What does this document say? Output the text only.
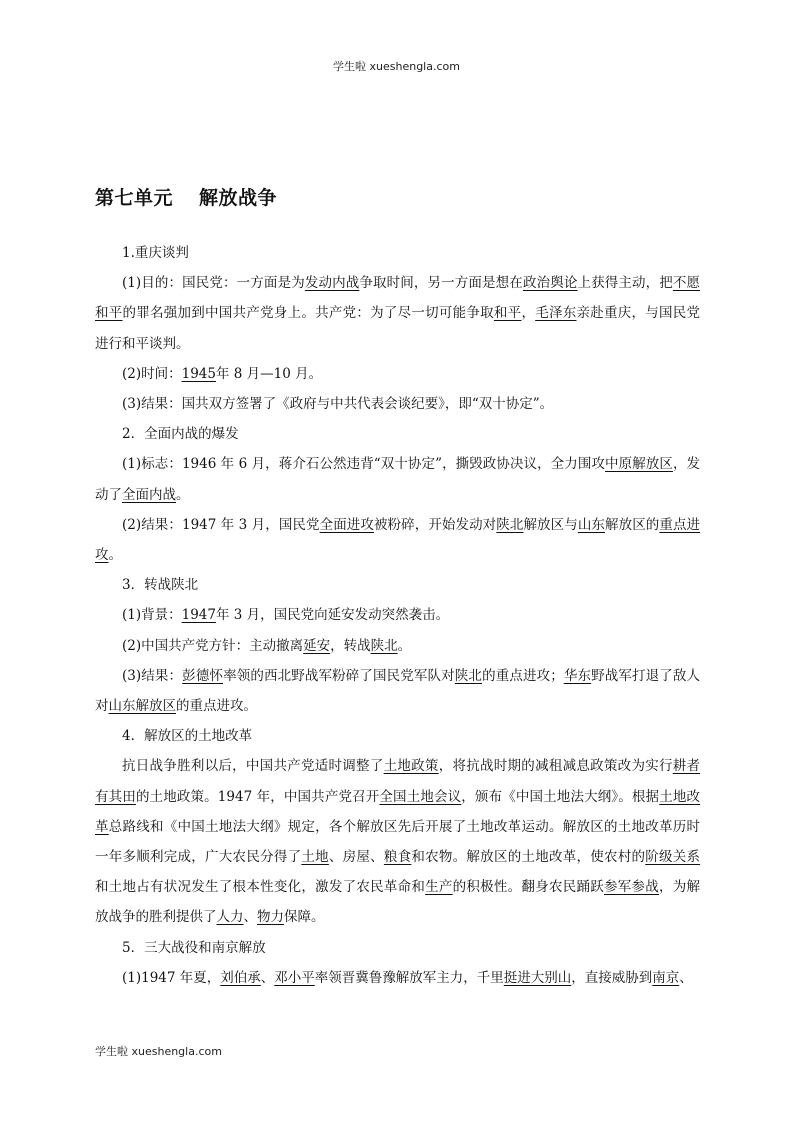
学生啦 xueshengla.com
第七单元 解放战争

1.重庆谈判

(1)目的：国民党：一方面是为发动内战争取时间，另一方面是想在政治舆论上获得主动，把不愿和平的罪名强加到中国共产党身上。共产党：为了尽一切可能争取和平，毛泽东亲赴重庆，与国民党进行和平谈判。

(2)时间：1945年 8 月—10 月。

(3)结果：国共双方签署了《政府与中共代表会谈纪要》，即“双十协定”。

2．全面内战的爆发

(1)标志：1946 年 6 月，蒋介石公然违背“双十协定”，撕毁政协决议，全力围攻中原解放区，发动了全面内战。

(2)结果：1947 年 3 月，国民党全面进攻被粉碎，开始发动对陕北解放区与山东解放区的重点进攻。

3．转战陕北

(1)背景：1947年 3 月，国民党向延安发动突然袭击。

(2)中国共产党方针：主动撤离延安，转战陕北。

(3)结果：彭德怀率领的西北野战军粉碎了国民党军队对陕北的重点进攻；华东野战军打退了敌人对山东解放区的重点进攻。

4．解放区的土地改革

抗日战争胜利以后，中国共产党适时调整了土地政策，将抗战时期的减租减息政策改为实行耕者有其田的土地政策。1947 年，中国共产党召开全国土地会议，颁布《中国土地法大纲》。根据土地改革总路线和《中国土地法大纲》规定，各个解放区先后开展了土地改革运动。解放区的土地改革历时一年多顺利完成，广大农民分得了土地、房屋、粮食和农物。解放区的土地改革，使农村的阶级关系和土地占有状况发生了根本性变化，激发了农民革命和生产的积极性。翻身农民踊跃参军参战，为解放战争的胜利提供了人力、物力保障。

5．三大战役和南京解放

(1)1947 年夏，刘伯承、邓小平率领晋冀鲁豫解放军主力，千里挺进大别山，直接威胁到南京、

学生啦 xueshengla.com
